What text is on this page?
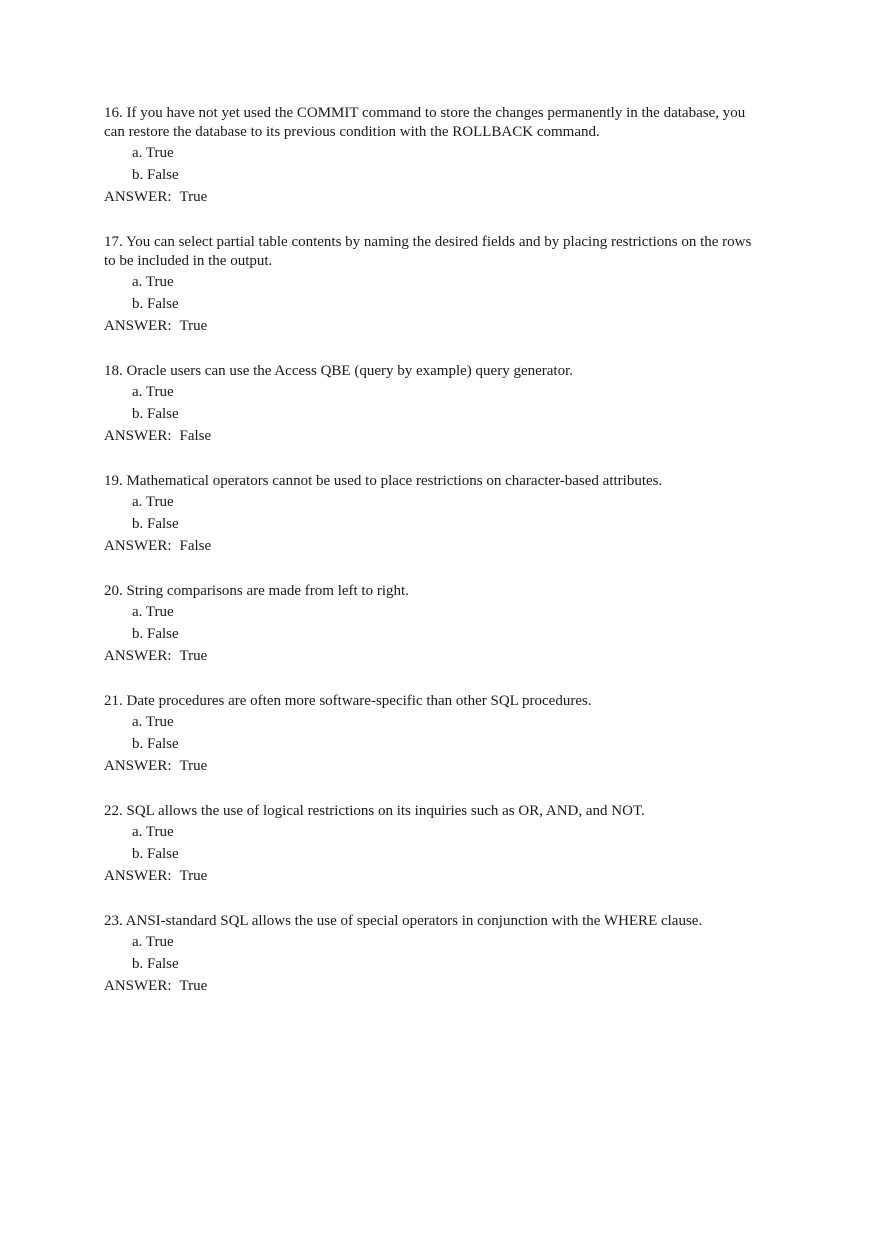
16. If you have not yet used the COMMIT command to store the changes permanently in the database, you can restore the database to its previous condition with the ROLLBACK command.

a. True
b. False
ANSWER: True

17. You can select partial table contents by naming the desired fields and by placing restrictions on the rows to be included in the output.

a. True
b. False
ANSWER: True

18. Oracle users can use the Access QBE (query by example) query generator.

a. True
b. False
ANSWER: False

19. Mathematical operators cannot be used to place restrictions on character-based attributes.

a. True
b. False
ANSWER: False

20. String comparisons are made from left to right.

a. True
b. False
ANSWER: True

21. Date procedures are often more software-specific than other SQL procedures.

a. True
b. False
ANSWER: True

22. SQL allows the use of logical restrictions on its inquiries such as OR, AND, and NOT.

a. True
b. False
ANSWER: True

23. ANSI-standard SQL allows the use of special operators in conjunction with the WHERE clause.

a. True
b. False
ANSWER: True
